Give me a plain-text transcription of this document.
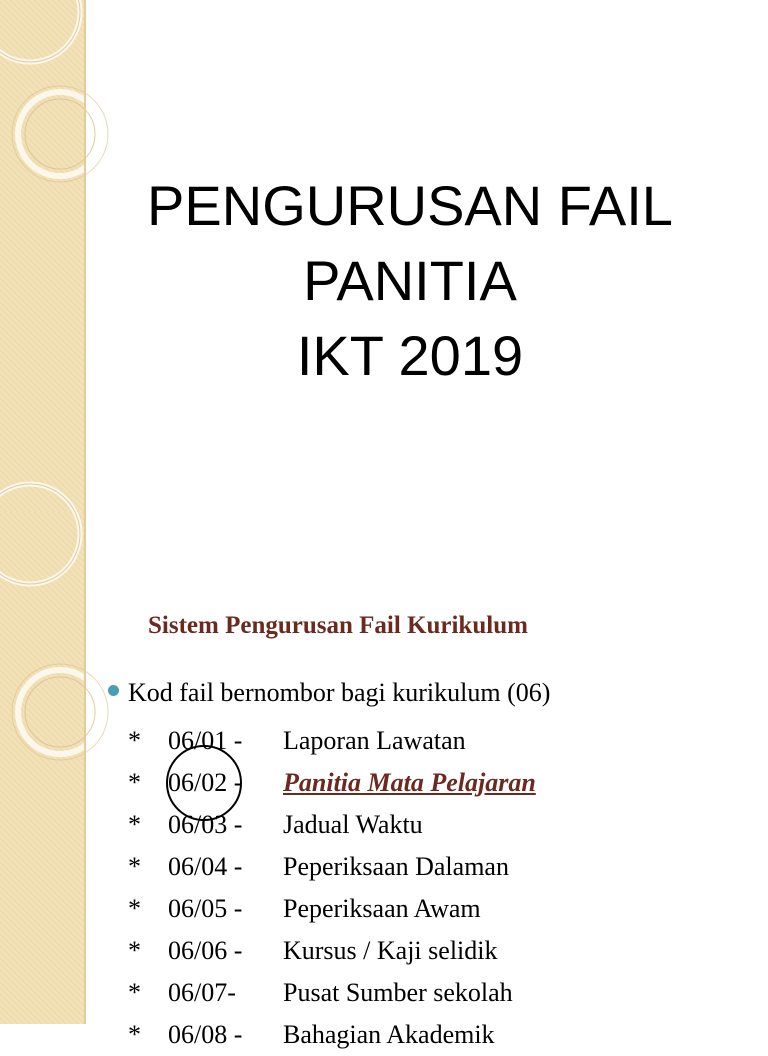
PENGURUSAN FAIL
PANITIA
IKT 2019
Sistem Pengurusan Fail Kurikulum
Kod fail bernombor bagi kurikulum (06)
* 06/01 - Laporan Lawatan
* 06/02 - Panitia Mata Pelajaran
* 06/03 - Jadual Waktu
* 06/04 - Peperiksaan Dalaman
* 06/05 - Peperiksaan Awam
* 06/06 - Kursus / Kaji selidik
* 06/07- Pusat Sumber sekolah
* 06/08 - Bahagian Akademik
